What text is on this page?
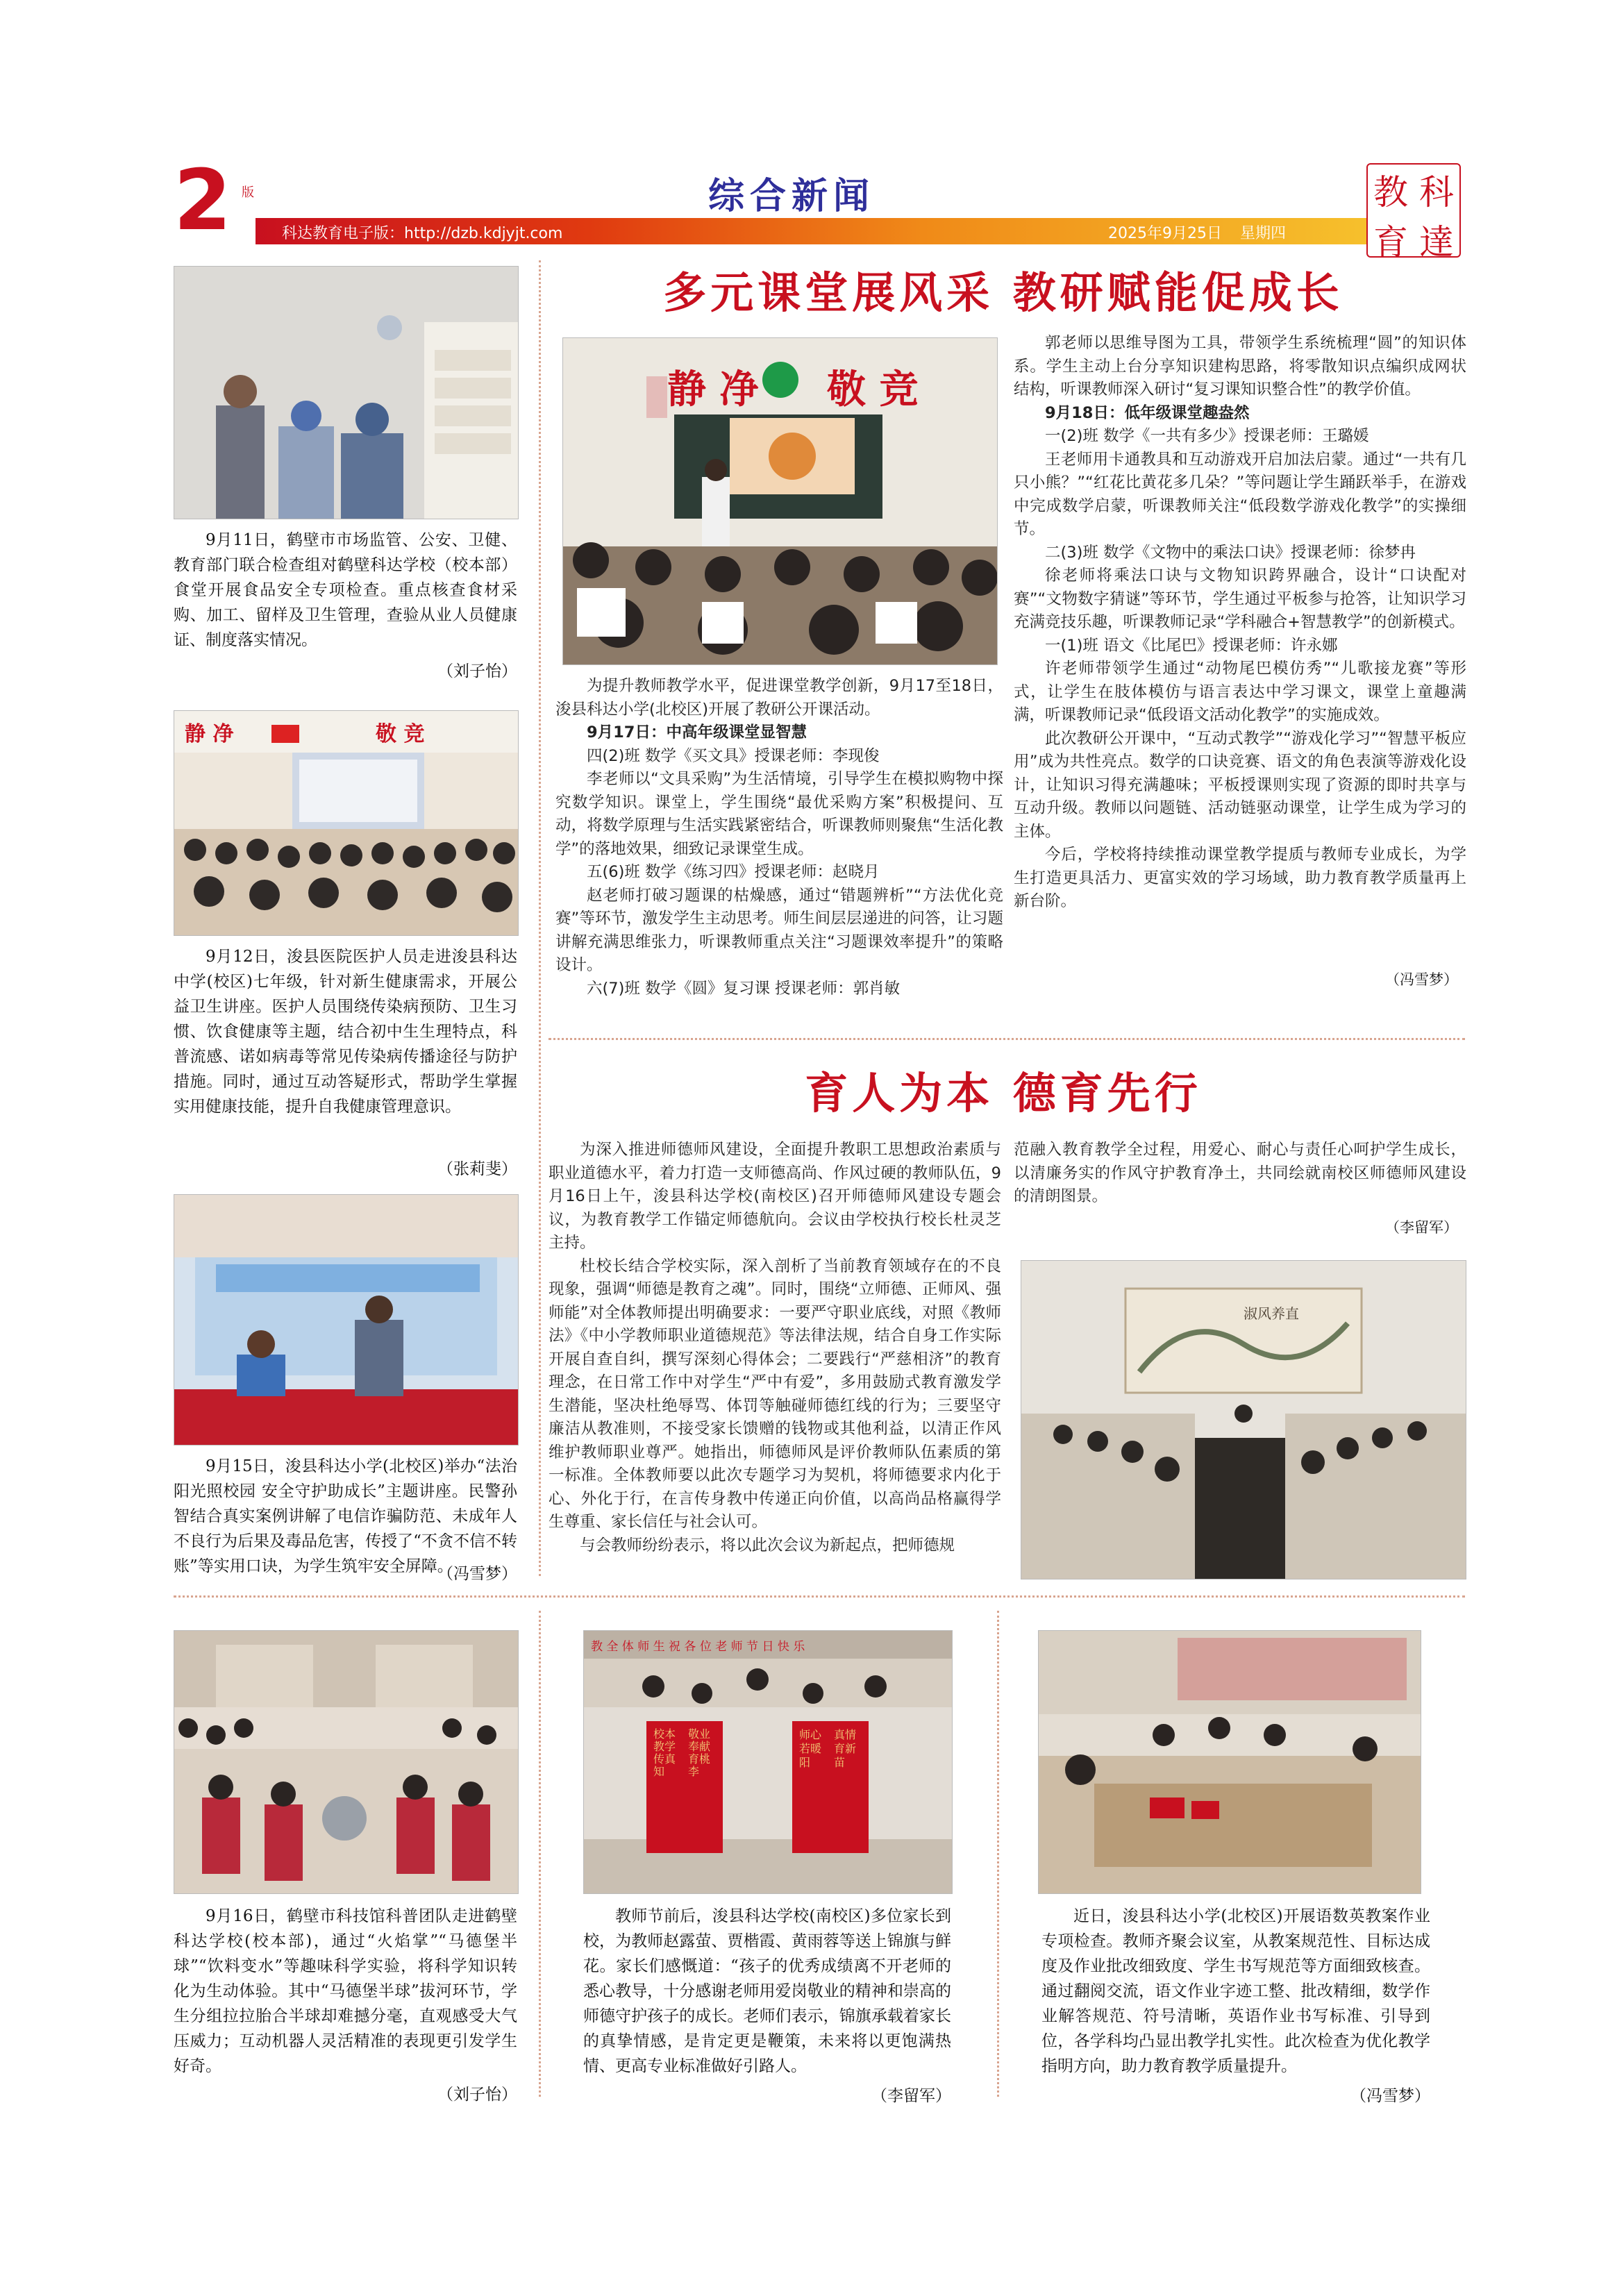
2 版	综合新闻
科达教育电子版：http://dzb.kdjyjt.com	2025年9月25日 星期四
教 科
育 達

9月11日，鹤壁市市场监管、公安、卫健、教育部门联合检查组对鹤壁科达学校（校本部）食堂开展食品安全专项检查。重点核查食材采购、加工、留样及卫生管理，查验从业人员健康证、制度落实情况。

（刘子怡）
静 净	敬 竞

9月12日，浚县医院医护人员走进浚县科达中学(校区)七年级，针对新生健康需求，开展公益卫生讲座。医护人员围绕传染病预防、卫生习惯、饮食健康等主题，结合初中生生理特点，科普流感、诺如病毒等常见传染病传播途径与防护措施。同时，通过互动答疑形式，帮助学生掌握实用健康技能，提升自我健康管理意识。

（张莉斐）

9月15日，浚县科达小学(北校区)举办“法治阳光照校园 安全守护助成长”主题讲座。民警孙智结合真实案例讲解了电信诈骗防范、未成年人不良行为后果及毒品危害，传授了“不贪不信不转账”等实用口诀，为学生筑牢安全屏障。

（冯雪梦）
多元课堂展风采 教研赋能促成长
静 净 敬 竞

为提升教师教学水平，促进课堂教学创新，9月17至18日，浚县科达小学(北校区)开展了教研公开课活动。

9月17日：中高年级课堂显智慧

四(2)班 数学《买文具》授课老师：李现俊

李老师以“文具采购”为生活情境，引导学生在模拟购物中探究数学知识。课堂上，学生围绕“最优采购方案”积极提问、互动，将数学原理与生活实践紧密结合，听课教师则聚焦“生活化教学”的落地效果，细致记录课堂生成。

五(6)班 数学《练习四》授课老师：赵晓月

赵老师打破习题课的枯燥感，通过“错题辨析”“方法优化竞赛”等环节，激发学生主动思考。师生间层层递进的问答，让习题讲解充满思维张力，听课教师重点关注“习题课效率提升”的策略设计。

六(7)班 数学《圆》复习课 授课老师：郭肖敏

郭老师以思维导图为工具，带领学生系统梳理“圆”的知识体系。学生主动上台分享知识建构思路，将零散知识点编织成网状结构，听课教师深入研讨“复习课知识整合性”的教学价值。

9月18日：低年级课堂趣盎然

一(2)班 数学《一共有多少》授课老师：王璐媛

王老师用卡通教具和互动游戏开启加法启蒙。通过“一共有几只小熊？”“红花比黄花多几朵？”等问题让学生踊跃举手，在游戏中完成数学启蒙，听课教师关注“低段数学游戏化教学”的实操细节。

二(3)班 数学《文物中的乘法口诀》授课老师：徐梦冉

徐老师将乘法口诀与文物知识跨界融合，设计“口诀配对赛”“文物数字猜谜”等环节，学生通过平板参与抢答，让知识学习充满竞技乐趣，听课教师记录“学科融合+智慧教学”的创新模式。

一(1)班 语文《比尾巴》授课老师：许永娜

许老师带领学生通过“动物尾巴模仿秀”“儿歌接龙赛”等形式，让学生在肢体模仿与语言表达中学习课文，课堂上童趣满满，听课教师记录“低段语文活动化教学”的实施成效。

此次教研公开课中，“互动式教学”“游戏化学习”“智慧平板应用”成为共性亮点。数学的口诀竞赛、语文的角色表演等游戏化设计，让知识习得充满趣味；平板授课则实现了资源的即时共享与互动升级。教师以问题链、活动链驱动课堂，让学生成为学习的主体。

今后，学校将持续推动课堂教学提质与教师专业成长，为学生打造更具活力、更富实效的学习场域，助力教育教学质量再上新台阶。

（冯雪梦）
育人为本 德育先行

为深入推进师德师风建设，全面提升教职工思想政治素质与职业道德水平，着力打造一支师德高尚、作风过硬的教师队伍，9月16日上午，浚县科达学校(南校区)召开师德师风建设专题会议，为教育教学工作锚定师德航向。会议由学校执行校长杜灵芝主持。

杜校长结合学校实际，深入剖析了当前教育领域存在的不良现象，强调“师德是教育之魂”。同时，围绕“立师德、正师风、强师能”对全体教师提出明确要求：一要严守职业底线，对照《教师法》《中小学教师职业道德规范》等法律法规，结合自身工作实际开展自查自纠，撰写深刻心得体会；二要践行“严慈相济”的教育理念，在日常工作中对学生“严中有爱”，多用鼓励式教育激发学生潜能，坚决杜绝辱骂、体罚等触碰师德红线的行为；三要坚守廉洁从教准则，不接受家长馈赠的钱物或其他利益，以清正作风维护教师职业尊严。她指出，师德师风是评价教师队伍素质的第一标准。全体教师要以此次专题学习为契机，将师德要求内化于心、外化于行，在言传身教中传递正向价值，以高尚品格赢得学生尊重、家长信任与社会认可。

与会教师纷纷表示，将以此次会议为新起点，把师德规

范融入教育教学全过程，用爱心、耐心与责任心呵护学生成长，以清廉务实的作风守护教育净土，共同绘就南校区师德师风建设的清朗图景。

（李留军）
淑风养直

9月16日，鹤壁市科技馆科普团队走进鹤壁科达学校(校本部)，通过“火焰掌”“马德堡半球”“饮料变水”等趣味科学实验，将科学知识转化为生动体验。其中“马德堡半球”拔河环节，学生分组拉拉胎合半球却难撼分毫，直观感受大气压威力；互动机器人灵活精准的表现更引发学生好奇。

（刘子怡）
教 全 体 师 生 祝 各 位 老 师 节 日 快 乐
校本教学传真知
敬业奉献育桃李
师心若暖阳
真情育新苗

教师节前后，浚县科达学校(南校区)多位家长到校，为教师赵露萤、贾楷霞、黄雨蓉等送上锦旗与鲜花。家长们感慨道：“孩子的优秀成绩离不开老师的悉心教导，十分感谢老师用爱岗敬业的精神和崇高的师德守护孩子的成长。老师们表示，锦旗承载着家长的真挚情感，是肯定更是鞭策，未来将以更饱满热情、更高专业标准做好引路人。

（李留军）

近日，浚县科达小学(北校区)开展语数英教案作业专项检查。教师齐聚会议室，从教案规范性、目标达成度及作业批改细致度、学生书写规范等方面细致核查。通过翻阅交流，语文作业字迹工整、批改精细，数学作业解答规范、符号清晰，英语作业书写标准、引导到位，各学科均凸显出教学扎实性。此次检查为优化教学指明方向，助力教育教学质量提升。

（冯雪梦）
